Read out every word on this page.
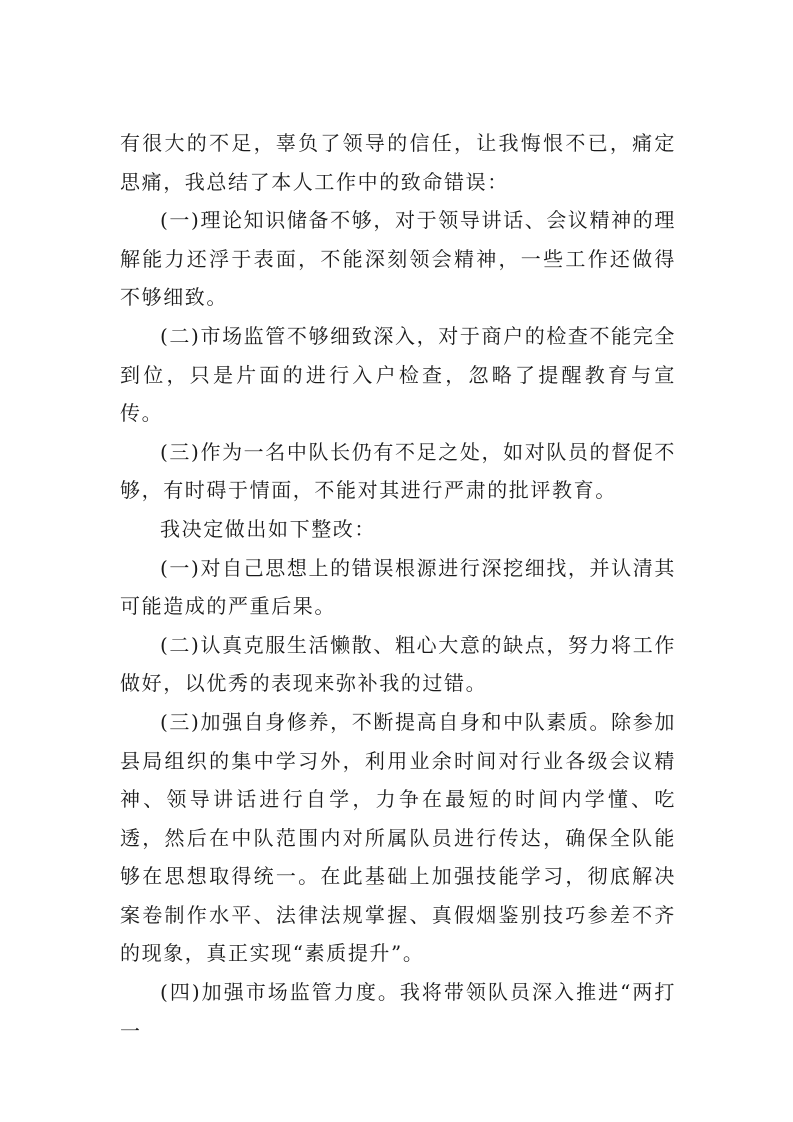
有很大的不足，辜负了领导的信任，让我悔恨不已，痛定思痛，我总结了本人工作中的致命错误：

(一)理论知识储备不够，对于领导讲话、会议精神的理解能力还浮于表面，不能深刻领会精神，一些工作还做得不够细致。

(二)市场监管不够细致深入，对于商户的检查不能完全到位，只是片面的进行入户检查，忽略了提醒教育与宣传。

(三)作为一名中队长仍有不足之处，如对队员的督促不够，有时碍于情面，不能对其进行严肃的批评教育。

我决定做出如下整改：

(一)对自己思想上的错误根源进行深挖细找，并认清其可能造成的严重后果。

(二)认真克服生活懒散、粗心大意的缺点，努力将工作做好，以优秀的表现来弥补我的过错。

(三)加强自身修养，不断提高自身和中队素质。除参加县局组织的集中学习外，利用业余时间对行业各级会议精神、领导讲话进行自学，力争在最短的时间内学懂、吃透，然后在中队范围内对所属队员进行传达，确保全队能够在思想取得统一。在此基础上加强技能学习，彻底解决案卷制作水平、法律法规掌握、真假烟鉴别技巧参差不齐的现象，真正实现“素质提升”。

(四)加强市场监管力度。我将带领队员深入推进“两打一
